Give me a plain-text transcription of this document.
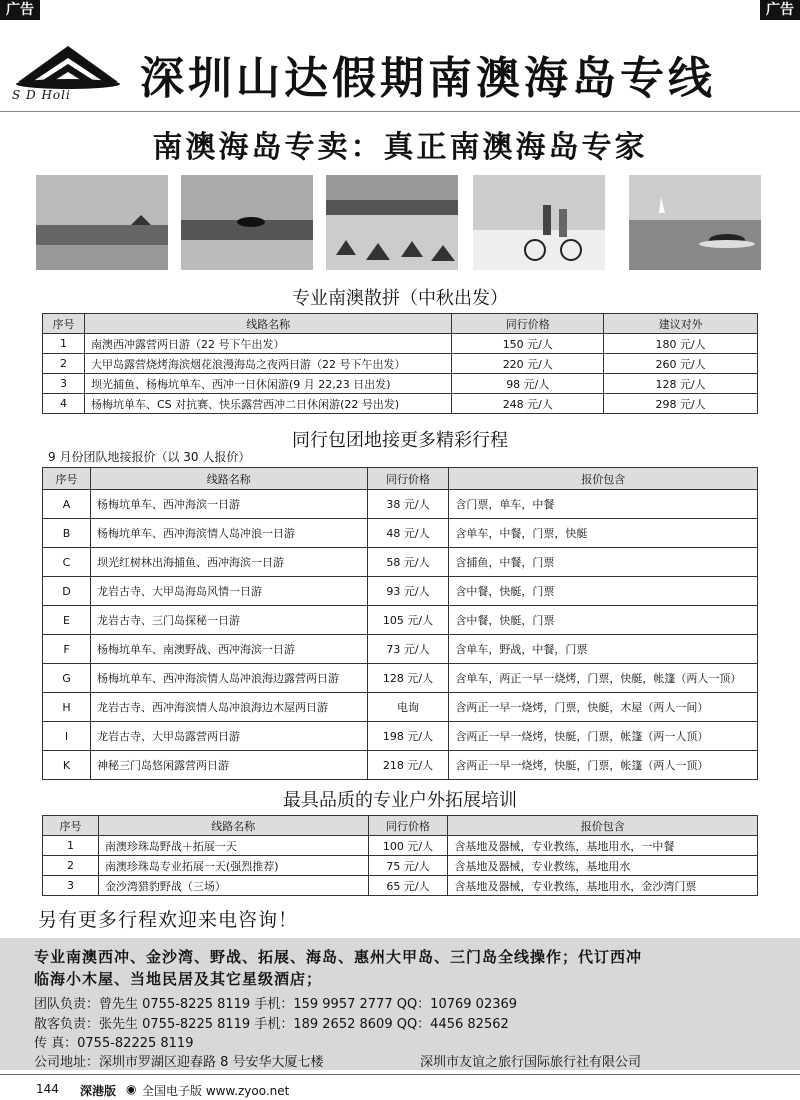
广告	广告
S D Holi 深圳山达假期南澳海岛专线
南澳海岛专卖：真正南澳海岛专家
专业南澳散拼（中秋出发）
序号	线路名称	同行价格	建议对外
1	南澳西冲露营两日游（22 号下午出发）	150 元/人	180 元/人
2	大甲岛露营烧烤海滨烟花浪漫海岛之夜两日游（22 号下午出发）	220 元/人	260 元/人
3	坝光捕鱼、杨梅坑单车、西冲一日休闲游(9 月 22,23 日出发)	98 元/人	128 元/人
4	杨梅坑单车、CS 对抗赛、快乐露营西冲二日休闲游(22 号出发)	248 元/人	298 元/人
同行包团地接更多精彩行程
9 月份团队地接报价（以 30 人报价）
序号	线路名称	同行价格	报价包含
A	杨梅坑单车、西冲海滨一日游	38 元/人	含门票，单车，中餐
B	杨梅坑单车、西冲海滨情人岛冲浪一日游	48 元/人	含单车，中餐，门票，快艇
C	坝光红树林出海捕鱼、西冲海滨一日游	58 元/人	含捕鱼，中餐，门票
D	龙岩古寺、大甲岛海岛风情一日游	93 元/人	含中餐，快艇，门票
E	龙岩古寺、三门岛探秘一日游	105 元/人	含中餐，快艇，门票
F	杨梅坑单车、南澳野战、西冲海滨一日游	73 元/人	含单车，野战，中餐，门票
G	杨梅坑单车、西冲海滨情人岛冲浪海边露营两日游	128 元/人	含单车，两正一早一烧烤，门票，快艇，帐篷（两人一顶）
H	龙岩古寺、西冲海滨情人岛冲浪海边木屋两日游	电询	含两正一早一烧烤，门票，快艇，木屋（两人一间）
I	龙岩古寺、大甲岛露营两日游	198 元/人	含两正一早一烧烤，快艇，门票，帐篷（两一人顶）
K	神秘三门岛悠闲露营两日游	218 元/人	含两正一早一烧烤，快艇，门票，帐篷（两人一顶）
最具品质的专业户外拓展培训
序号	线路名称	同行价格	报价包含
1	南澳珍珠岛野战＋拓展一天	100 元/人	含基地及器械，专业教练，基地用水，一中餐
2	南澳珍珠岛专业拓展一天(强烈推荐)	75 元/人	含基地及器械，专业教练，基地用水
3	金沙湾猎豹野战（三场）	65 元/人	含基地及器械，专业教练，基地用水，金沙湾门票
另有更多行程欢迎来电咨询！
专业南澳西冲、金沙湾、野战、拓展、海岛、惠州大甲岛、三门岛全线操作；代订西冲
临海小木屋、当地民居及其它星级酒店；
团队负责：曾先生 0755-8225 8119 手机：159 9957 2777 QQ：10769 02369
散客负责：张先生 0755-8225 8119 手机：189 2652 8609 QQ：4456 82562
传 真：0755-82225 8119
公司地址：深圳市罗湖区迎春路 8 号安华大厦七楼	深圳市友谊之旅行国际旅行社有限公司
144 深港版 ◉ 全国电子版 www.zyoo.net
